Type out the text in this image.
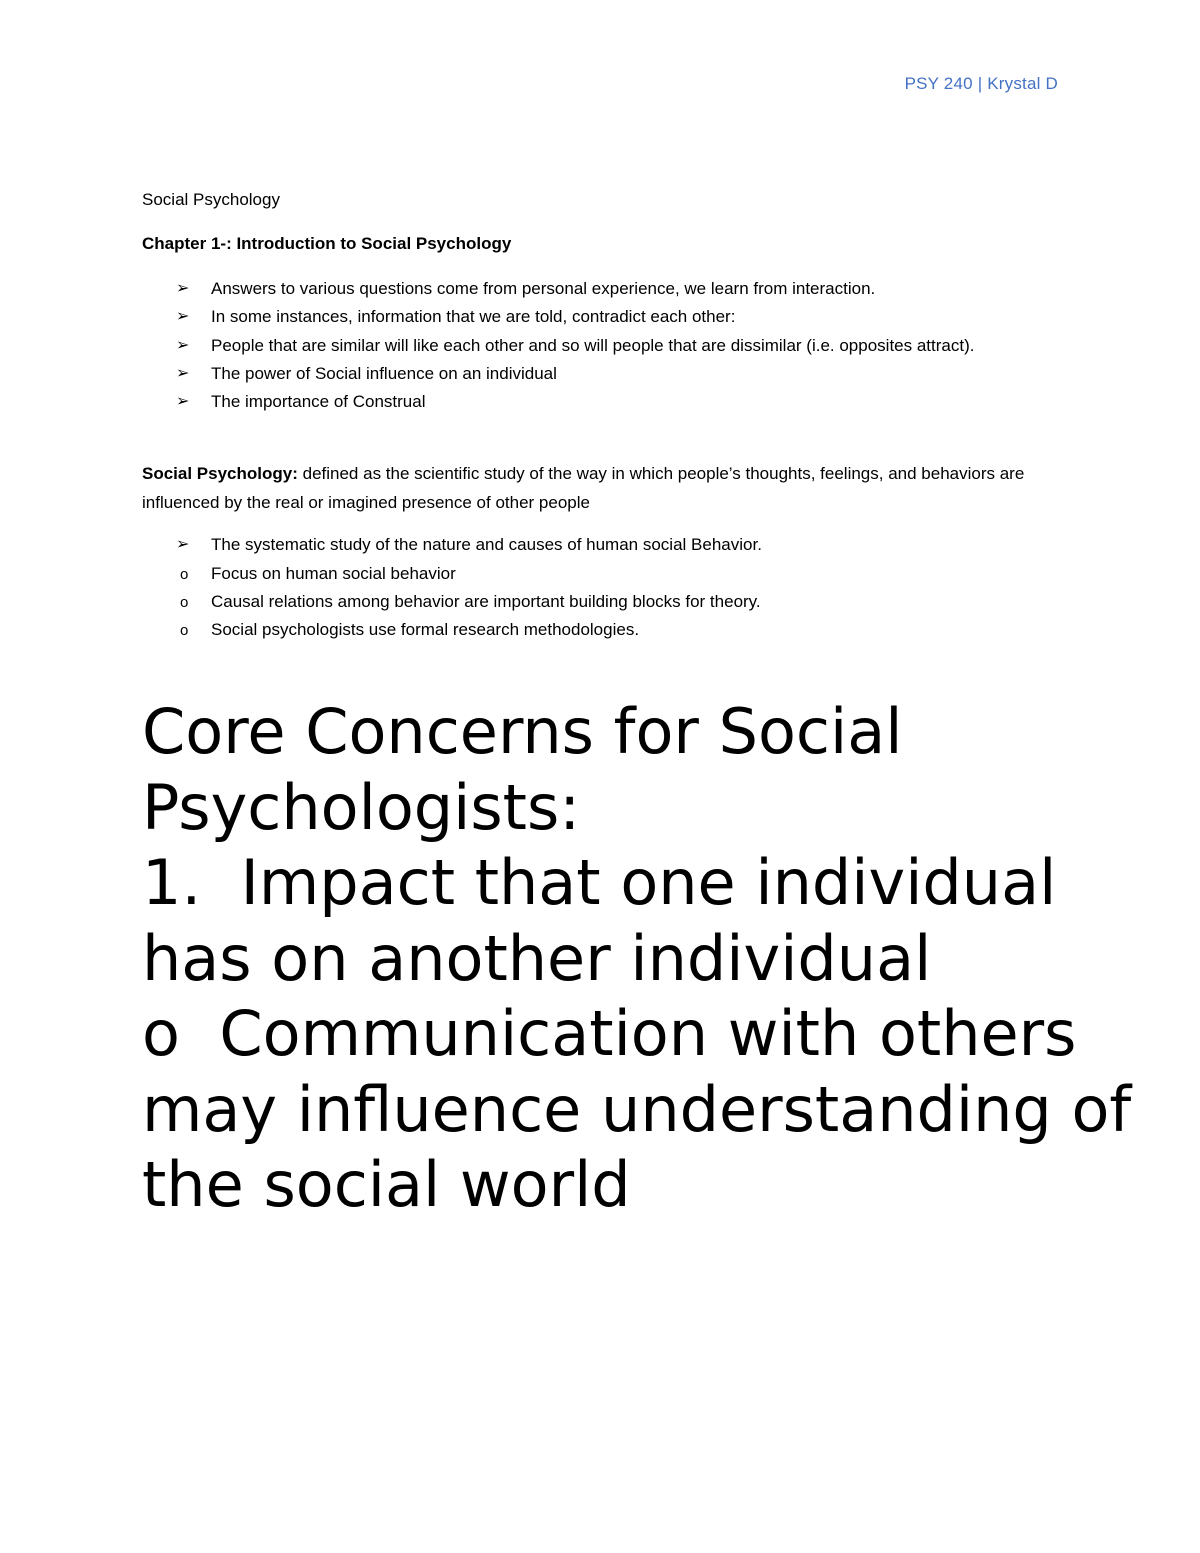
PSY 240 | Krystal D
Social Psychology
Chapter 1-: Introduction to Social Psychology
➢	Answers to various questions come from personal experience, we learn from interaction.
➢	In some instances, information that we are told, contradict each other:
➢	People that are similar will like each other and so will people that are dissimilar (i.e. opposites attract).
➢	The power of Social influence on an individual
➢	The importance of Construal

Social Psychology: defined as the scientific study of the way in which people’s thoughts, feelings, and behaviors are influenced by the real or imagined presence of other people

➢	The systematic study of the nature and causes of human social Behavior.
o	Focus on human social behavior
o	Causal relations among behavior are important building blocks for theory.
o	Social psychologists use formal research methodologies.
Core Concerns for Social Psychologists:
1.  Impact that one individual has on another individual
o  Communication with others may influence understanding of the social world
